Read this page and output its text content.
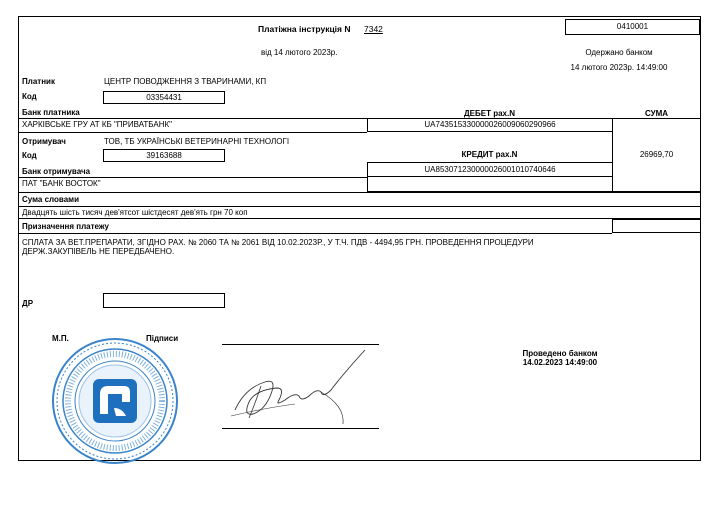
Платіжна інструкція N 7342	0410001
від 14 лютого 2023р.	Одержано банком
14 лютого 2023р. 14:49:00
Платник	ЦЕНТР ПОВОДЖЕННЯ З ТВАРИНАМИ, КП
Код	03354431
Банк платника
ХАРКІВСЬКЕ ГРУ АТ КБ "ПРИВАТБАНК"
ДЕБЕТ рах.N	СУМА
UA743515330000026009060290966
26969,70
Отримувач	ТОВ, ТБ УКРАЇНСЬКІ ВЕТЕРИНАРНІ ТЕХНОЛОГІ
Код	39163688
Банк отримувача
ПАТ "БАНК ВОСТОК"
КРЕДИТ рах.N
UA853071230000026001010740646
Сума словами
Двадцять шість тисяч дев'ятсот шістдесят дев'ять грн 70 коп
Призначення платежу
СПЛАТА ЗА ВЕТ.ПРЕПАРАТИ, ЗГІДНО РАХ. № 2060 ТА № 2061 ВІД 10.02.2023Р., У Т.Ч. ПДВ - 4494,95 ГРН. ПРОВЕДЕННЯ ПРОЦЕДУРИ
ДЕРЖ.ЗАКУПІВЕЛЬ НЕ ПЕРЕДБАЧЕНО.
ДР
М.П.	Підписи
Проведено банком
14.02.2023 14:49:00
